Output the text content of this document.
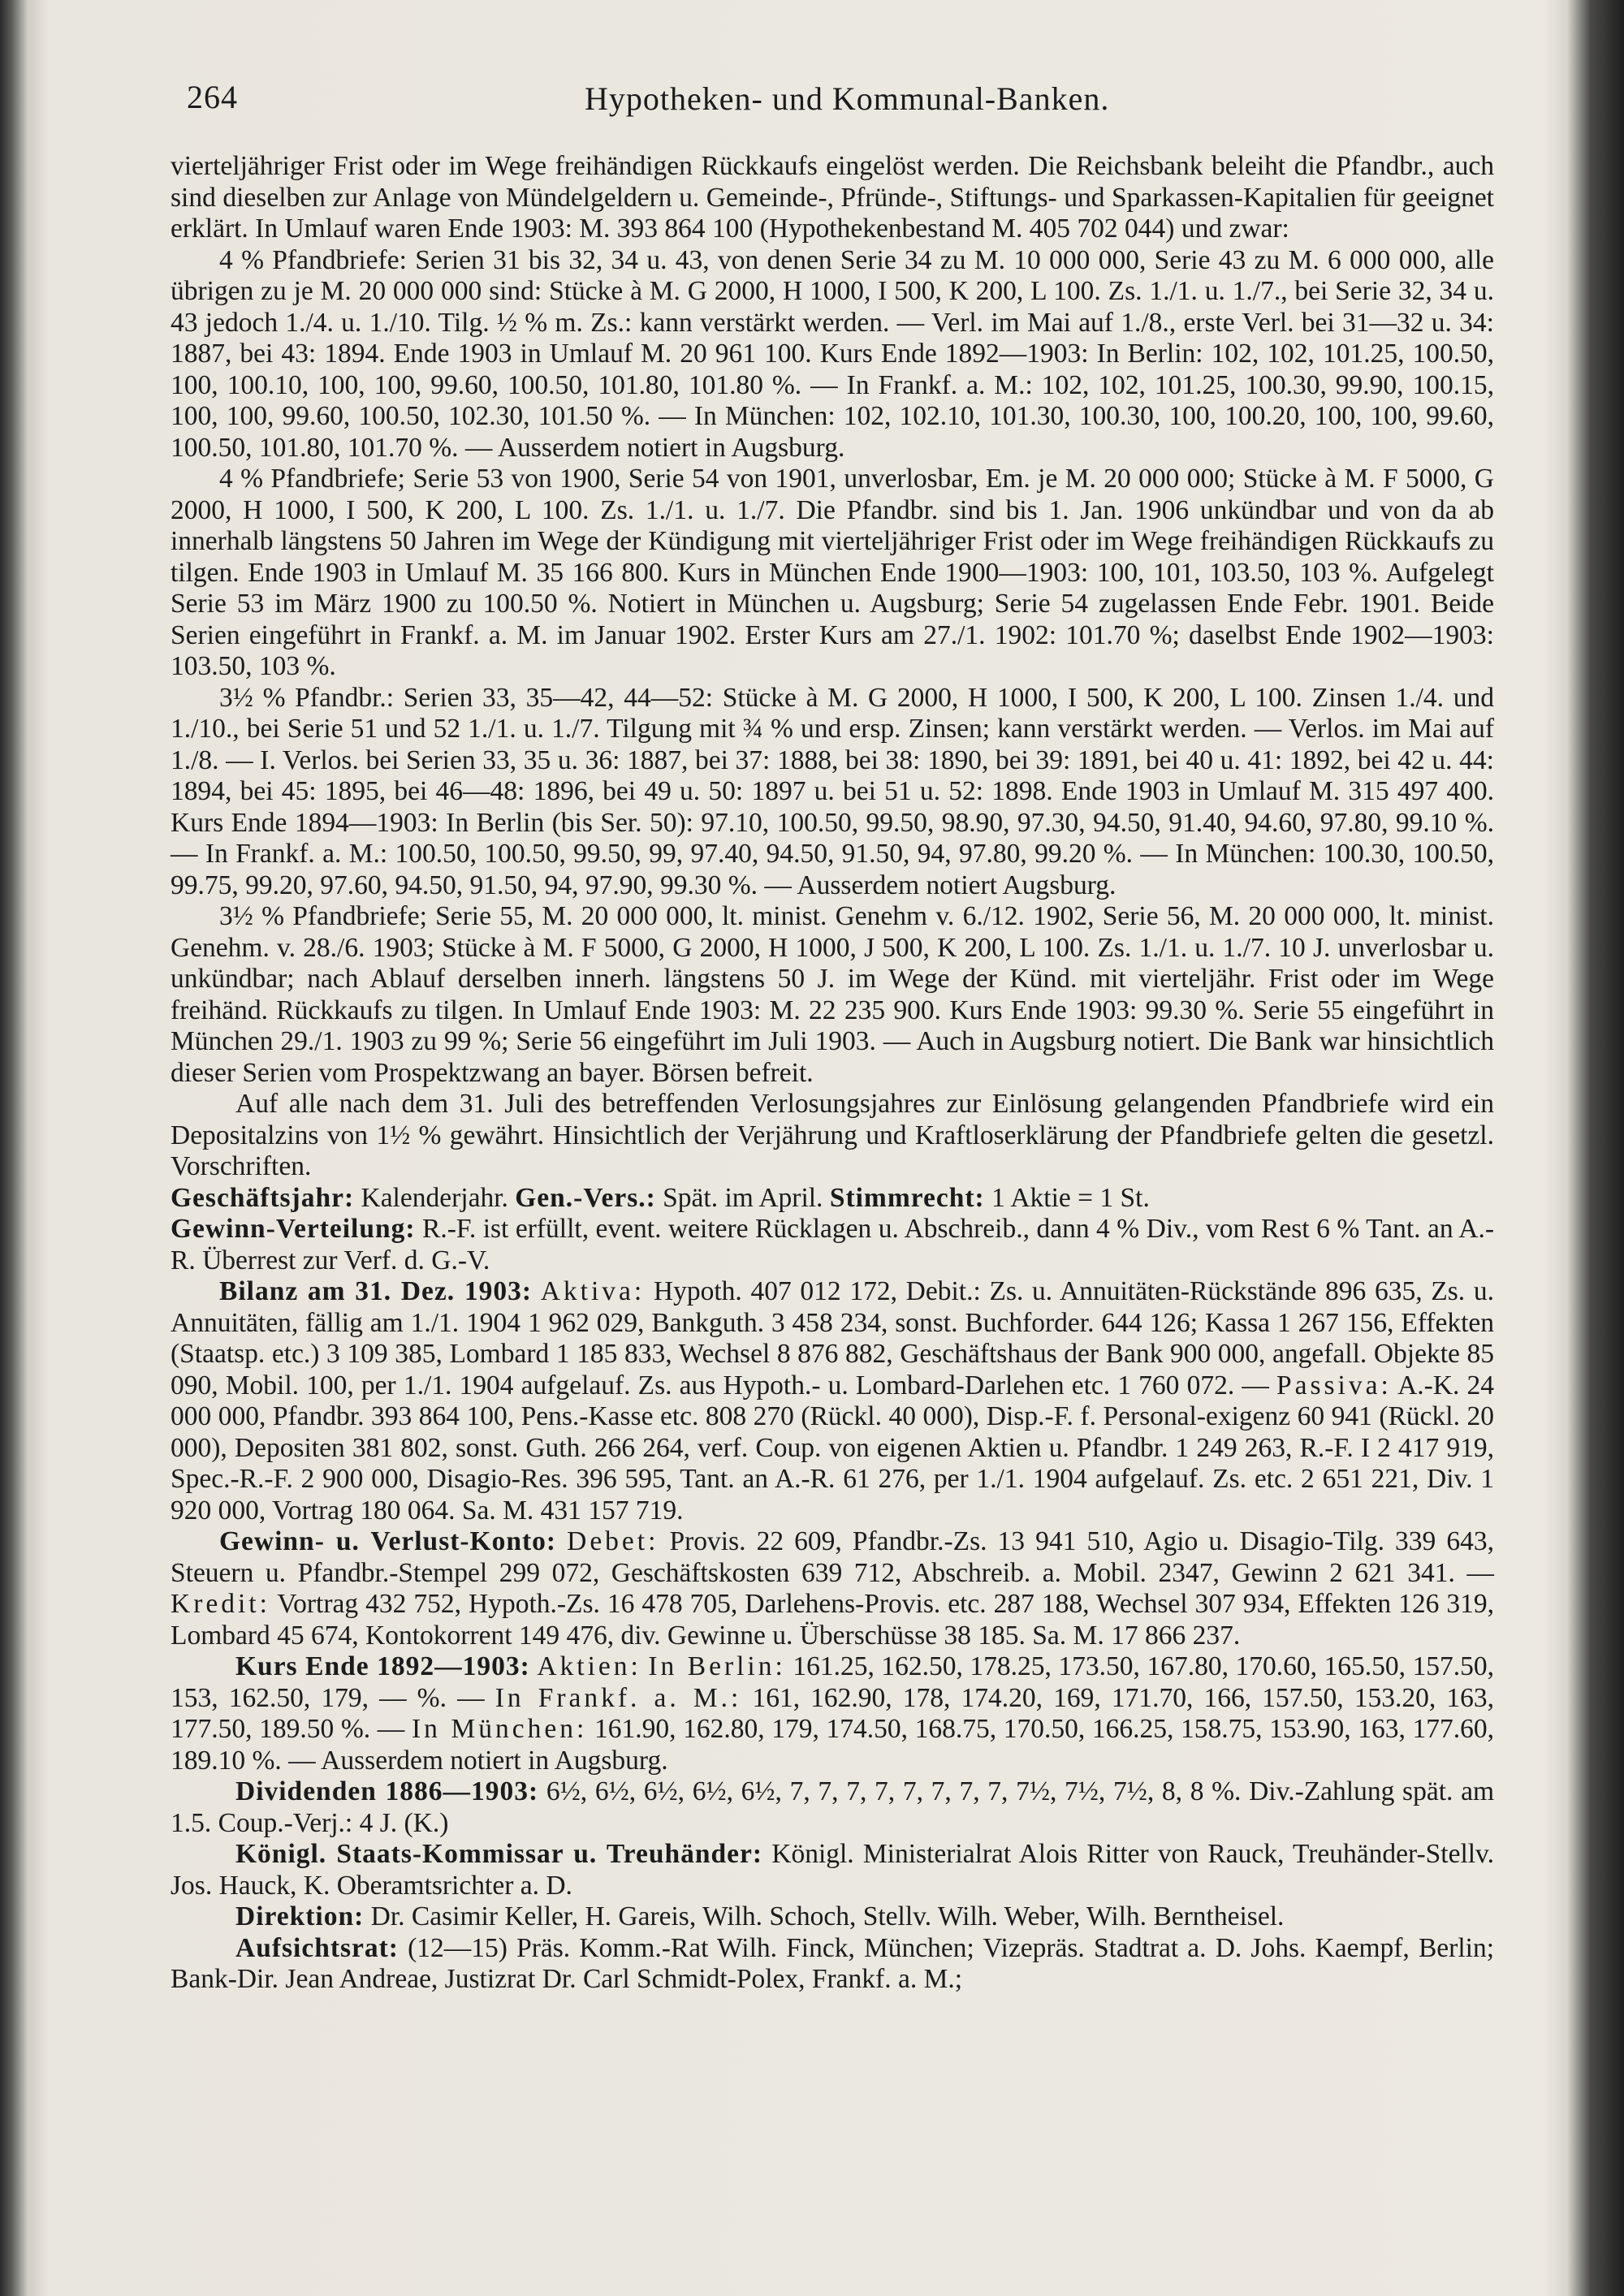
264	Hypotheken- und Kommunal-Banken.

vierteljähriger Frist oder im Wege freihändigen Rückkaufs eingelöst werden. Die Reichsbank beleiht die Pfandbr., auch sind dieselben zur Anlage von Mündelgeldern u. Gemeinde-, Pfründe-, Stiftungs- und Sparkassen-Kapitalien für geeignet erklärt. In Umlauf waren Ende 1903: M. 393 864 100 (Hypothekenbestand M. 405 702 044) und zwar:

4 % Pfandbriefe: Serien 31 bis 32, 34 u. 43, von denen Serie 34 zu M. 10 000 000, Serie 43 zu M. 6 000 000, alle übrigen zu je M. 20 000 000 sind: Stücke à M. G 2000, H 1000, I 500, K 200, L 100. Zs. 1./1. u. 1./7., bei Serie 32, 34 u. 43 jedoch 1./4. u. 1./10. Tilg. ½ % m. Zs.: kann verstärkt werden. — Verl. im Mai auf 1./8., erste Verl. bei 31—32 u. 34: 1887, bei 43: 1894. Ende 1903 in Umlauf M. 20 961 100. Kurs Ende 1892—1903: In Berlin: 102, 102, 101.25, 100.50, 100, 100.10, 100, 100, 99.60, 100.50, 101.80, 101.80 %. — In Frankf. a. M.: 102, 102, 101.25, 100.30, 99.90, 100.15, 100, 100, 99.60, 100.50, 102.30, 101.50 %. — In München: 102, 102.10, 101.30, 100.30, 100, 100.20, 100, 100, 99.60, 100.50, 101.80, 101.70 %. — Ausserdem notiert in Augsburg.

4 % Pfandbriefe; Serie 53 von 1900, Serie 54 von 1901, unverlosbar, Em. je M. 20 000 000; Stücke à M. F 5000, G 2000, H 1000, I 500, K 200, L 100. Zs. 1./1. u. 1./7. Die Pfandbr. sind bis 1. Jan. 1906 unkündbar und von da ab innerhalb längstens 50 Jahren im Wege der Kündigung mit vierteljähriger Frist oder im Wege freihändigen Rückkaufs zu tilgen. Ende 1903 in Umlauf M. 35 166 800. Kurs in München Ende 1900—1903: 100, 101, 103.50, 103 %. Aufgelegt Serie 53 im März 1900 zu 100.50 %. Notiert in München u. Augsburg; Serie 54 zugelassen Ende Febr. 1901. Beide Serien eingeführt in Frankf. a. M. im Januar 1902. Erster Kurs am 27./1. 1902: 101.70 %; daselbst Ende 1902—1903: 103.50, 103 %.

3½ % Pfandbr.: Serien 33, 35—42, 44—52: Stücke à M. G 2000, H 1000, I 500, K 200, L 100. Zinsen 1./4. und 1./10., bei Serie 51 und 52 1./1. u. 1./7. Tilgung mit ¾ % und ersp. Zinsen; kann verstärkt werden. — Verlos. im Mai auf 1./8. — I. Verlos. bei Serien 33, 35 u. 36: 1887, bei 37: 1888, bei 38: 1890, bei 39: 1891, bei 40 u. 41: 1892, bei 42 u. 44: 1894, bei 45: 1895, bei 46—48: 1896, bei 49 u. 50: 1897 u. bei 51 u. 52: 1898. Ende 1903 in Umlauf M. 315 497 400. Kurs Ende 1894—1903: In Berlin (bis Ser. 50): 97.10, 100.50, 99.50, 98.90, 97.30, 94.50, 91.40, 94.60, 97.80, 99.10 %. — In Frankf. a. M.: 100.50, 100.50, 99.50, 99, 97.40, 94.50, 91.50, 94, 97.80, 99.20 %. — In München: 100.30, 100.50, 99.75, 99.20, 97.60, 94.50, 91.50, 94, 97.90, 99.30 %. — Ausserdem notiert Augsburg.

3½ % Pfandbriefe; Serie 55, M. 20 000 000, lt. minist. Genehm v. 6./12. 1902, Serie 56, M. 20 000 000, lt. minist. Genehm. v. 28./6. 1903; Stücke à M. F 5000, G 2000, H 1000, J 500, K 200, L 100. Zs. 1./1. u. 1./7. 10 J. unverlosbar u. unkündbar; nach Ablauf derselben innerh. längstens 50 J. im Wege der Künd. mit vierteljähr. Frist oder im Wege freihänd. Rückkaufs zu tilgen. In Umlauf Ende 1903: M. 22 235 900. Kurs Ende 1903: 99.30 %. Serie 55 eingeführt in München 29./1. 1903 zu 99 %; Serie 56 eingeführt im Juli 1903. — Auch in Augsburg notiert. Die Bank war hinsichtlich dieser Serien vom Prospektzwang an bayer. Börsen befreit.

Auf alle nach dem 31. Juli des betreffenden Verlosungsjahres zur Einlösung gelangenden Pfandbriefe wird ein Depositalzins von 1½ % gewährt. Hinsichtlich der Verjährung und Kraftloserklärung der Pfandbriefe gelten die gesetzl. Vorschriften.

Geschäftsjahr: Kalenderjahr. Gen.-Vers.: Spät. im April. Stimmrecht: 1 Aktie = 1 St.

Gewinn-Verteilung: R.-F. ist erfüllt, event. weitere Rücklagen u. Abschreib., dann 4 % Div., vom Rest 6 % Tant. an A.-R. Überrest zur Verf. d. G.-V.

Bilanz am 31. Dez. 1903: Aktiva: Hypoth. 407 012 172, Debit.: Zs. u. Annuitäten-Rückstände 896 635, Zs. u. Annuitäten, fällig am 1./1. 1904 1 962 029, Bankguth. 3 458 234, sonst. Buchforder. 644 126; Kassa 1 267 156, Effekten (Staatsp. etc.) 3 109 385, Lombard 1 185 833, Wechsel 8 876 882, Geschäftshaus der Bank 900 000, angefall. Objekte 85 090, Mobil. 100, per 1./1. 1904 aufgelauf. Zs. aus Hypoth.- u. Lombard-Darlehen etc. 1 760 072. — Passiva: A.-K. 24 000 000, Pfandbr. 393 864 100, Pens.-Kasse etc. 808 270 (Rückl. 40 000), Disp.-F. f. Personal-exigenz 60 941 (Rückl. 20 000), Depositen 381 802, sonst. Guth. 266 264, verf. Coup. von eigenen Aktien u. Pfandbr. 1 249 263, R.-F. I 2 417 919, Spec.-R.-F. 2 900 000, Disagio-Res. 396 595, Tant. an A.-R. 61 276, per 1./1. 1904 aufgelauf. Zs. etc. 2 651 221, Div. 1 920 000, Vortrag 180 064. Sa. M. 431 157 719.

Gewinn- u. Verlust-Konto: Debet: Provis. 22 609, Pfandbr.-Zs. 13 941 510, Agio u. Disagio-Tilg. 339 643, Steuern u. Pfandbr.-Stempel 299 072, Geschäftskosten 639 712, Abschreib. a. Mobil. 2347, Gewinn 2 621 341. — Kredit: Vortrag 432 752, Hypoth.-Zs. 16 478 705, Darlehens-Provis. etc. 287 188, Wechsel 307 934, Effekten 126 319, Lombard 45 674, Kontokorrent 149 476, div. Gewinne u. Überschüsse 38 185. Sa. M. 17 866 237.

Kurs Ende 1892—1903: Aktien: In Berlin: 161.25, 162.50, 178.25, 173.50, 167.80, 170.60, 165.50, 157.50, 153, 162.50, 179, — %. — In Frankf. a. M.: 161, 162.90, 178, 174.20, 169, 171.70, 166, 157.50, 153.20, 163, 177.50, 189.50 %. — In München: 161.90, 162.80, 179, 174.50, 168.75, 170.50, 166.25, 158.75, 153.90, 163, 177.60, 189.10 %. — Ausserdem notiert in Augsburg.

Dividenden 1886—1903: 6½, 6½, 6½, 6½, 6½, 7, 7, 7, 7, 7, 7, 7, 7, 7½, 7½, 7½, 8, 8 %. Div.-Zahlung spät. am 1.5. Coup.-Verj.: 4 J. (K.)

Königl. Staats-Kommissar u. Treuhänder: Königl. Ministerialrat Alois Ritter von Rauck, Treuhänder-Stellv. Jos. Hauck, K. Oberamtsrichter a. D.

Direktion: Dr. Casimir Keller, H. Gareis, Wilh. Schoch, Stellv. Wilh. Weber, Wilh. Berntheisel.

Aufsichtsrat: (12—15) Präs. Komm.-Rat Wilh. Finck, München; Vizepräs. Stadtrat a. D. Johs. Kaempf, Berlin; Bank-Dir. Jean Andreae, Justizrat Dr. Carl Schmidt-Polex, Frankf. a. M.;
